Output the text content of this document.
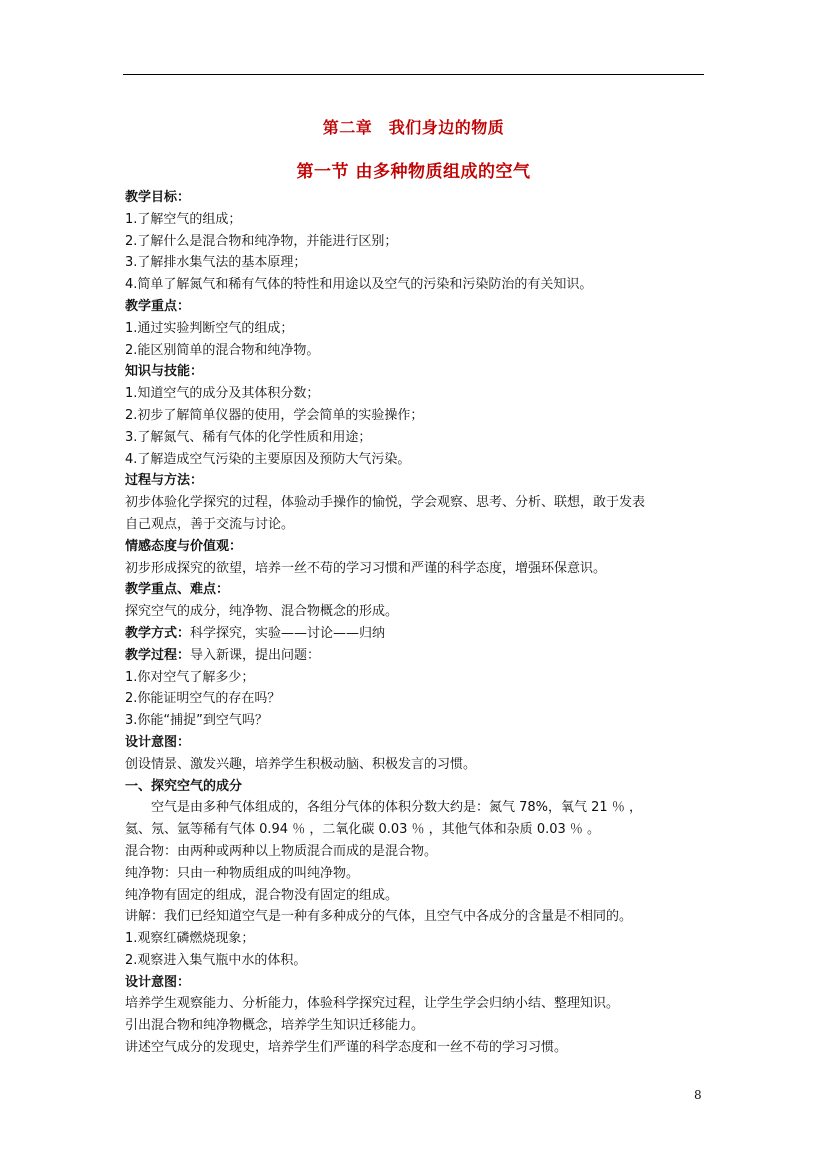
第二章　我们身边的物质
第一节 由多种物质组成的空气
教学目标：
1.了解空气的组成；
2.了解什么是混合物和纯净物，并能进行区别；
3.了解排水集气法的基本原理；
4.简单了解氮气和稀有气体的特性和用途以及空气的污染和污染防治的有关知识。
教学重点：
1.通过实验判断空气的组成；
2.能区别简单的混合物和纯净物。
知识与技能：
1.知道空气的成分及其体积分数；
2.初步了解简单仪器的使用，学会简单的实验操作；
3.了解氮气、稀有气体的化学性质和用途；
4.了解造成空气污染的主要原因及预防大气污染。
过程与方法：
初步体验化学探究的过程，体验动手操作的愉悦，学会观察、思考、分析、联想，敢于发表
自己观点，善于交流与讨论。
情感态度与价值观：
初步形成探究的欲望，培养一丝不苟的学习习惯和严谨的科学态度，增强环保意识。
教学重点、难点：
探究空气的成分，纯净物、混合物概念的形成。
教学方式：科学探究，实验——讨论——归纳
教学过程：导入新课，提出问题：
1.你对空气了解多少；
2.你能证明空气的存在吗？
3.你能“捕捉”到空气吗？
设计意图：
创设情景、激发兴趣，培养学生积极动脑、积极发言的习惯。
一、探究空气的成分
空气是由多种气体组成的，各组分气体的体积分数大约是：氮气 78%，氧气 21 ％ ，
氦、氖、氩等稀有气体 0.94 ％ ，二氧化碳 0.03 ％ ，其他气体和杂质 0.03 ％ 。
混合物：由两种或两种以上物质混合而成的是混合物。
纯净物：只由一种物质组成的叫纯净物。
纯净物有固定的组成，混合物没有固定的组成。
讲解：我们已经知道空气是一种有多种成分的气体，且空气中各成分的含量是不相同的。
1.观察红磷燃烧现象；
2.观察进入集气瓶中水的体积。
设计意图：
培养学生观察能力、分析能力，体验科学探究过程，让学生学会归纳小结、整理知识。
引出混合物和纯净物概念，培养学生知识迁移能力。
讲述空气成分的发现史，培养学生们严谨的科学态度和一丝不苟的学习习惯。
8
